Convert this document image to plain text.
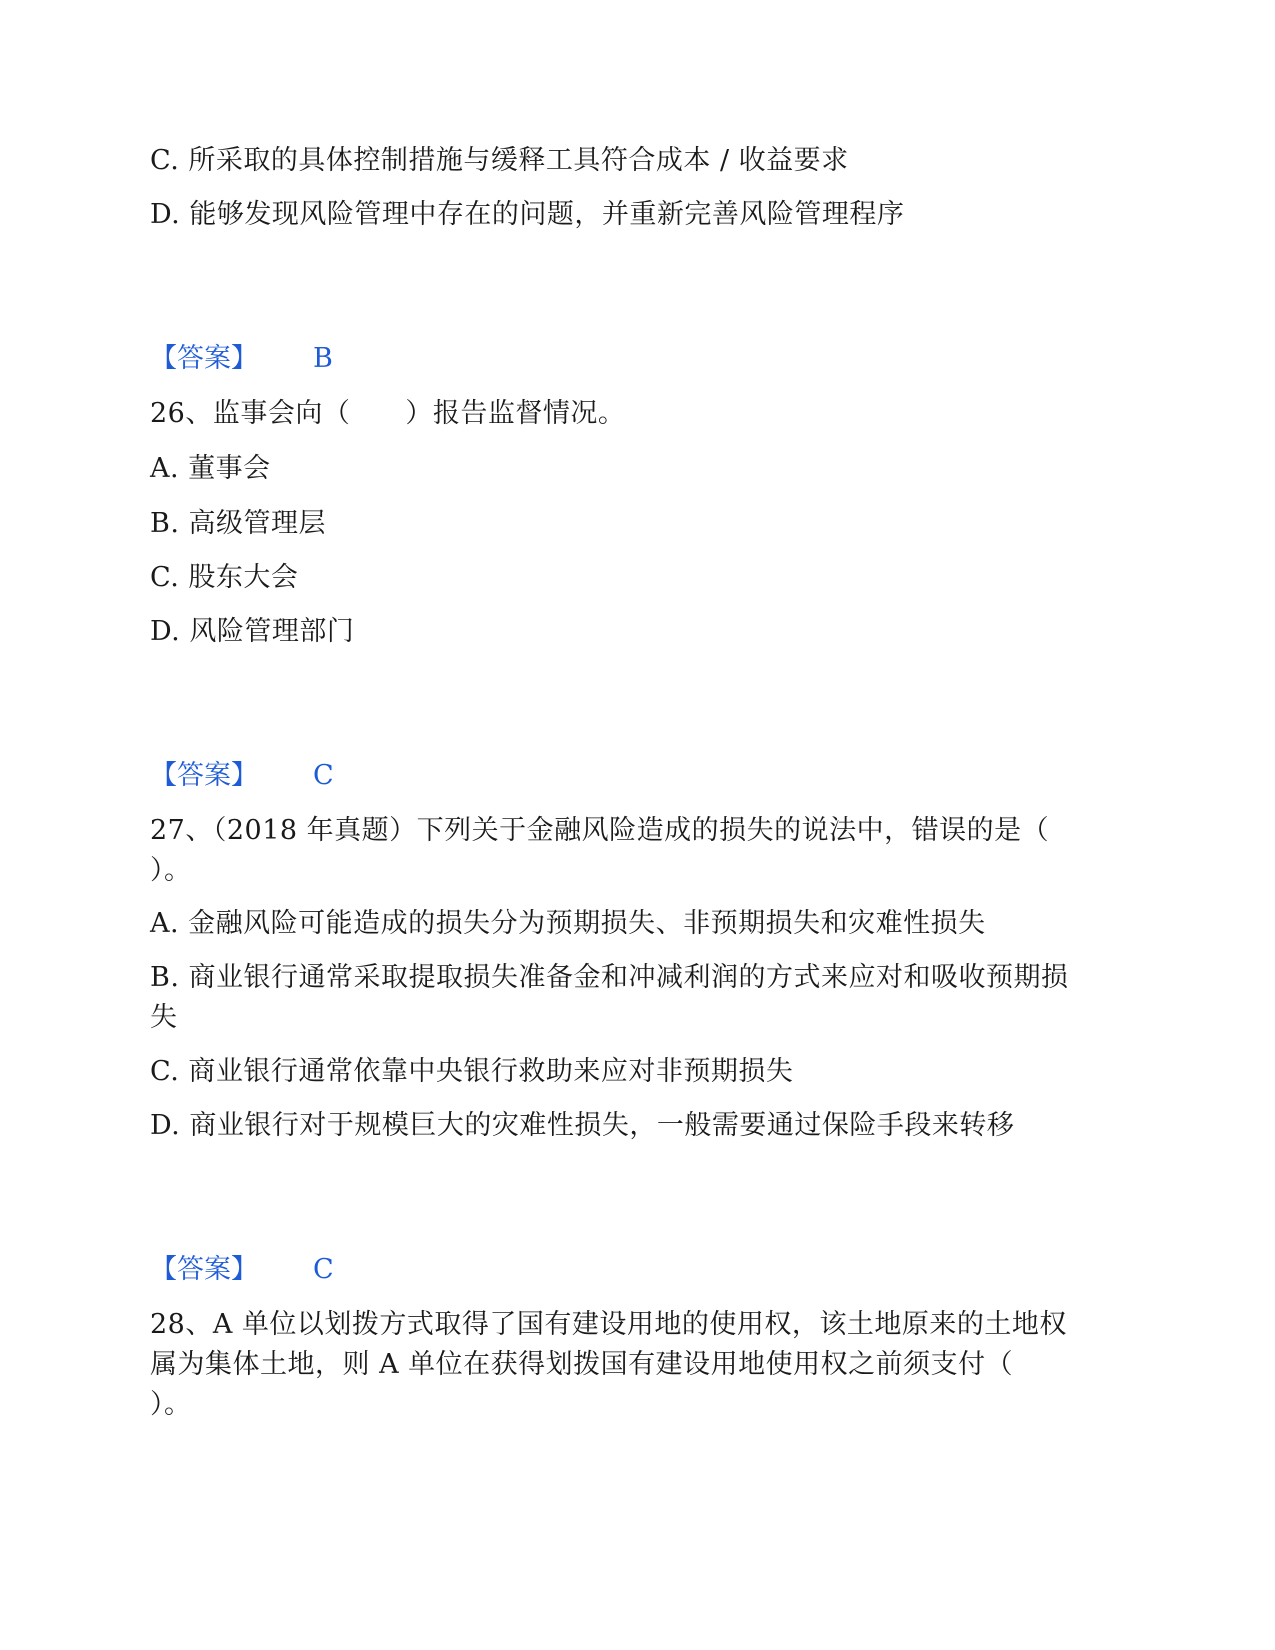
C. 所采取的具体控制措施与缓释工具符合成本 / 收益要求
D. 能够发现风险管理中存在的问题，并重新完善风险管理程序
【答案】 B
26、监事会向（　　）报告监督情况。
A. 董事会
B. 高级管理层
C. 股东大会
D. 风险管理部门
【答案】 C
27、（2018 年真题）下列关于金融风险造成的损失的说法中，错误的是（
）。
A. 金融风险可能造成的损失分为预期损失、非预期损失和灾难性损失
B. 商业银行通常采取提取损失准备金和冲减利润的方式来应对和吸收预期损
失
C. 商业银行通常依靠中央银行救助来应对非预期损失
D. 商业银行对于规模巨大的灾难性损失，一般需要通过保险手段来转移
【答案】 C
28、A 单位以划拨方式取得了国有建设用地的使用权，该土地原来的土地权
属为集体土地，则 A 单位在获得划拨国有建设用地使用权之前须支付（
）。
